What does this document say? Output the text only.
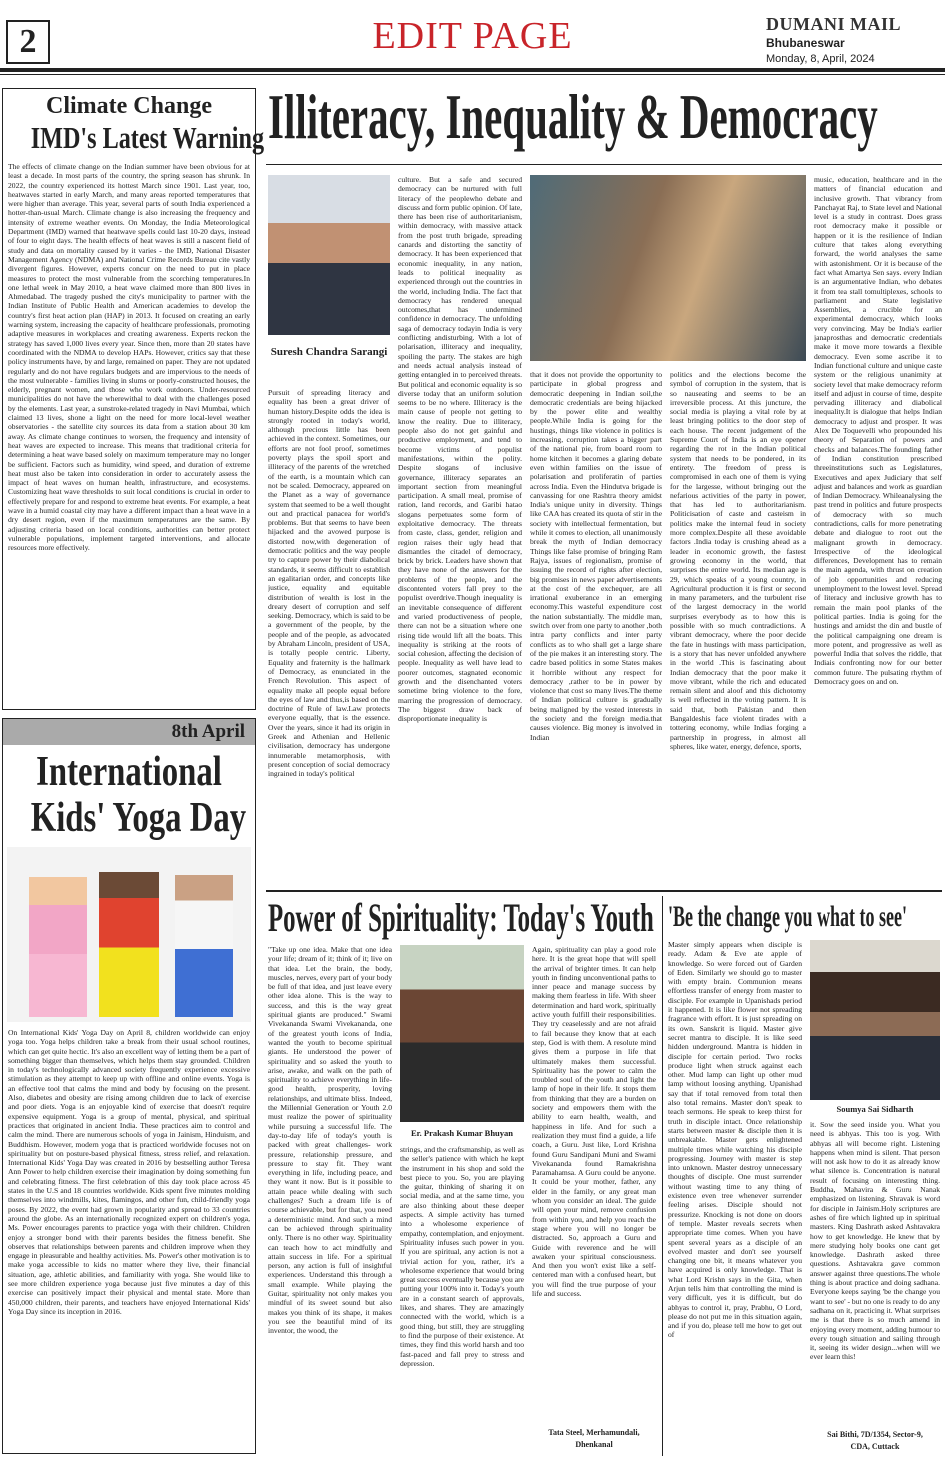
2	EDIT PAGE	DUMANI MAIL
Bhubaneswar
Monday, 8, April, 2024
Climate Change
IMD's Latest Warning
The effects of climate change on the Indian summer have been obvious for at least a decade. In most parts of the country, the spring season has shrunk. In 2022, the country experienced its hottest March since 1901. Last year, too, heatwaves started in early March, and many areas reported temperatures that were higher than average. This year, several parts of south India experienced a hotter-than-usual March. Climate change is also increasing the frequency and intensity of extreme weather events. On Monday, the India Meteorological Department (IMD) warned that heatwave spells could last 10-20 days, instead of four to eight days. The health effects of heat waves is still a nascent field of study and data on mortality caused by it varies - the IMD, National Disaster Management Agency (NDMA) and National Crime Records Bureau cite vastly divergent figures. However, experts concur on the need to put in place measures to protect the most vulnerable from the scorching temperatures.In one lethal week in May 2010, a heat wave claimed more than 800 lives in Ahmedabad. The tragedy pushed the city's municipality to partner with the Indian Institute of Public Health and American academies to develop the country's first heat action plan (HAP) in 2013. It focused on creating an early warning system, increasing the capacity of healthcare professionals, promoting adaptive measures in workplaces and creating awareness. Experts reckon the strategy has saved 1,000 lives every year. Since then, more than 20 states have coordinated with the NDMA to develop HAPs. However, critics say that these policy instruments have, by and large, remained on paper. They are not updated regularly and do not have regulars budgets and are impervious to the needs of the most vulnerable - families living in slums or poorly-constructed houses, the elderly, pregnant women, and those who work outdoors. Under-resourced municipalities do not have the wherewithal to deal with the challenges posed by the elements. Last year, a sunstroke-related tragedy in Navi Mumbai, which claimed 13 lives, shone a light on the need for more local-level weather observatories - the satellite city sources its data from a station about 30 km away. As climate change continues to worsen, the frequency and intensity of heat waves are expected to increase. This means that traditional criteria for determining a heat wave based solely on maximum temperature may no longer be sufficient. Factors such as humidity, wind speed, and duration of extreme heat must also be taken into consideration in order to accurately assess the impact of heat waves on human health, infrastructure, and ecosystems. Customizing heat wave thresholds to suit local conditions is crucial in order to effectively prepare for and respond to extreme heat events. For example, a heat wave in a humid coastal city may have a different impact than a heat wave in a dry desert region, even if the maximum temperatures are the same. By adjusting criteria based on local conditions, authorities can better protect vulnerable populations, implement targeted interventions, and allocate resources more effectively.
8th April
International
Kids' Yoga Day
On International Kids' Yoga Day on April 8, children worldwide can enjoy yoga too. Yoga helps children take a break from their usual school routines, which can get quite hectic. It's also an excellent way of letting them be a part of something bigger than themselves, which helps them stay grounded. Children in today's technologically advanced society frequently experience excessive stimulation as they attempt to keep up with offline and online events. Yoga is an effective tool that calms the mind and body by focusing on the present. Also, diabetes and obesity are rising among children due to lack of exercise and poor diets. Yoga is an enjoyable kind of exercise that doesn't require expensive equipment. Yoga is a group of mental, physical, and spiritual practices that originated in ancient India. These practices aim to control and calm the mind. There are numerous schools of yoga in Jainism, Hinduism, and Buddhism. However, modern yoga that is practiced worldwide focuses not on spirituality but on posture-based physical fitness, stress relief, and relaxation. International Kids' Yoga Day was created in 2016 by bestselling author Teresa Ann Power to help children exercise their imagination by doing something fun and celebrating fitness. The first celebration of this day took place across 45 states in the U.S and 18 countries worldwide. Kids spent five minutes molding themselves into windmills, kites, flamingos, and other fun, child-friendly yoga poses. By 2022, the event had grown in popularity and spread to 33 countries around the globe. As an internationally recognized expert on children's yoga, Ms. Power encourages parents to practice yoga with their children. Children enjoy a stronger bond with their parents besides the fitness benefit. She observes that relationships between parents and children improve when they engage in pleasurable and healthy activities. Ms. Power's other motivation is to make yoga accessible to kids no matter where they live, their financial situation, age, athletic abilities, and familiarity with yoga. She would like to see more children experience yoga because just five minutes a day of this exercise can positively impact their physical and mental state. More than 450,000 children, their parents, and teachers have enjoyed International Kids' Yoga Day since its inception in 2016.
Illiteracy, Inequality & Democracy
Suresh Chandra Sarangi
Pursuit of spreading literacy and equality has been a great driver of human history.Despite odds the idea is strongly rooted in today's world, although precious little has been achieved in the context. Sometimes, our efforts are not fool proof, sometimes poverty plays the spoil sport and illiteracy of the parents of the wretched of the earth, is a mountain which can not be scaled. Democracy, appeared on the Planet as a way of governance system that seemed to be a well thought out and practical panacea for world's problems. But that seems to have been hijacked and the avowed purpose is distorted now,with degeneration of democratic politics and the way people try to capture power by their diabolical standards, it seems difficult to establish an egalitarian order, and concepts like justice, equality and equitable distribution of wealth is lost in the dreary desert of corruption and self seeking. Democracy, which is said to be a government of the people, by the people and of the people, as advocated by Abraham Lincoln, president of USA, is totally people centric. Liberty, Equality and fraternity is the hallmark of Democracy, as enunciated in the French Revolution. This aspect of equality make all people equal before the eyes of law and thus,is based on the doctrine of Rule of law.Law protects everyone equally, that is the essence. Over the years, since it had its origin in Greek and Athenian and Hellenic civilisation, democracy has undergone innumerable metamorphosis, with present conception of social democracy ingrained in today's political
culture. But a safe and secured democracy can be nurtured with full literacy of the peoplewho debate and discuss and form public opinion. Of late, there has been rise of authoritarianism, within democracy, with massive attack from the post truth brigade, spreading canards and distorting the sanctity of democracy. It has been experienced that economic inequality, in any nation, leads to political inequality as experienced through out the countries in the world, including India. The fact that democracy has rendered unequal outcomes,that has undermined confidence in democracy. The unfolding saga of democracy todayin India is very conflicting andisturbing. With a lot of polarisation, illiteracy and inequality, spoiling the party. The stakes are high and needs actual analysis instead of getting entangled in to perceived threats. But political and economic equality is so diverse today that an uniform solution seems to be no where. Illiteracy is the main cause of people not getting to know the reality. Due to illiteracy, people also do not get gainful and productive employment, and tend to become victims of populist manifestations, within the polity. Despite slogans of inclusive governance, illiteracy separates an important section from meaningful participation. A small meal, promise of ration, land records, and Garibi hatao slogans perpetuates some form of exploitative democracy. The threats from caste, class, gender, religion and region raises their ugly head that dismantles the citadel of democracy, brick by brick. Leaders have shown that they have none of the answers for the problems of the people, and the discontented voters fall prey to the populist overdrive.Though inequality is an inevitable consequence of different and varied productiveness of people, there can not be a situation where one rising tide would lift all the boats. This inequality is striking at the roots of social cohesion, affecting the decision of people. Inequality as well have lead to poorer outcomes, stagnated economic growth and the disenchanted voters sometime bring violence to the fore, marring the progression of democracy. The biggest draw back of disproportionate inequality is
that it does not provide the opportunity to participate in global progress and democratic deepening in Indian soil,the democratic credentials are being hijacked by the power elite and wealthy people.While India is going for the hustings, things like violence in politics is increasing, corruption takes a bigger part of the national pie, from board room to home kitchen it becomes a glaring debate even within families on the issue of polarisation and proliferatin of parties across India. Even the Hindutva brigade is canvassing for one Rashtra theory amidst India's unique unity in diversity. Things like CAA has created its quota of stir in the society with intellectual fermentation, but while it comes to election, all unanimously break the myth of Indian democracy Things like false promise of bringing Ram Rajya, issues of regionalism, promise of issuing the record of rights after election, big promises in news paper advertisements at the cost of the exchequer, are all irrational exuberance in an emerging economy.This wasteful expenditure cost the nation substantially. The middle man, switch over from one party to another ,both intra party conflicts and inter party conflicts as to who shall get a large share of the pie makes it an interesting story. The cadre based politics in some States makes it horrible without any respect for democracy ,rather to be in power by violence that cost so many lives.The theme of Indian political culture is gradually being maligned by the vested interests in the society and the foreign media.that causes violence. Big money is involved in Indian
politics and the elections become the symbol of corruption in the system, that is so nauseating and seems to be an irreversible process. At this juncture, the social media is playing a vital role by at least bringing politics to the door step of each house. The recent judgement of the Supreme Court of India is an eye opener regarding the rot in the Indian political system that needs to be pondered, in its entirety. The freedom of press is compromised in each one of them is vying for the largesse, without bringing out the nefarious activities of the party in power, that has led to authoritarianism. Politicisation of caste and casteism in politics make the internal feud in society more complex.Despite all these avoidable factors .India today is crushing ahead as a leader in economic growth, the fastest growing economy in the world, that surprises the entire world. Its median age is 29, which speaks of a young country, in Agricultural production it is first or second in many parameters, and the turbulent rise of the largest democracy in the world surprises everybody as to how this is possible with so much contradictions. A vibrant democracy, where the poor decide the fate in hustings with mass participation, is a story that has never unfolded anywhere in the world .This is fascinating about Indian democracy that the poor make it move vibrant, while the rich and educated remain silent and aloof and this dichotomy is well reflected in the voting pattern. It is said that, both Pakistan and then Bangaldeshis face violent tirades with a tottering economy, while Indias forging a partnership in progress, in almost all spheres, like water, energy, defence, sports,
music, education, healthcare and in the matters of financial education and inclusive growth. That vibrancy from Panchayat Raj, to State level and National level is a study in contrast. Does grass root democracy make it possible or happen or it is the resilience of Indian culture that takes along everything forward, the world analyses the same with astonishment. Or it is because of the fact what Amartya Sen says. every Indian is an argumentative Indian, who debates it from tea stall tomultiplexes, schools to parliament and State legislative Assemblies, a crucible for an experimental democracy, which looks very convincing. May be India's earlier janaprosthas and democratic credentials make it move more towards a flexible democracy. Even some ascribe it to Indian functional culture and unique caste system or the religious unanimity at society level that make democracy reform itself and adjust in course of time, despite pervading illiteracy and diabolical inequality.It is dialogue that helps Indian democracy to adjust and prosper. It was Alex De Toquevelli who propounded his theory of Separation of powers and checks and balances.The founding father of Indian constitution prescribed threeinstitutions such as Legislatures, Executives and apex Judiciary that self adjust and balances and work as guardian of Indian Democracy. Whileanalysing the past trend in politics and future prospects of democracy with so much contradictions, calls for more penetrating debate and dialogue to root out the malignant growth in democracy. Irrespective of the ideological differences, Development has to remain the main agenda, with thrust on creation of job opportunities and reducing unemployment to the lowest level. Spread of literacy and inclusive growth has to remain the main pool planks of the political parties. India is going for the hustings and amidst the din and bustle of the political campaigning one dream is more potent, and progressive as well as powerful India that solves the riddle, that Indiais confronting now for our better common future. The pulsating rhythm of Democracy goes on and on.
Power of Spirituality: Today's Youth
"Take up one idea. Make that one idea your life; dream of it; think of it; live on that idea. Let the brain, the body, muscles, nerves, every part of your body be full of that idea, and just leave every other idea alone. This is the way to success, and this is the way great spiritual giants are produced." Swami Vivekananda Swami Vivekananda, one of the greatest youth icons of India, wanted the youth to become spiritual giants. He understood the power of spirituality and so asked the youth to arise, awake, and walk on the path of spirituality to achieve everything in life- good health, prosperity, loving relationships, and ultimate bliss. Indeed, the Millennial Generation or Youth 2.0 must realize the power of spirituality while pursuing a successful life. The day-to-day life of today's youth is packed with great challenges- work pressure, relationship pressure, and pressure to stay fit. They want everything in life, including peace, and they want it now. But is it possible to attain peace while dealing with such challenges? Such a dream life is of course achievable, but for that, you need a deterministic mind. And such a mind can be achieved through spirituality only. There is no other way. Spirituality can teach how to act mindfully and attain success in life. For a spiritual person, any action is full of insightful experiences. Understand this through a small example. While playing the Guitar, spirituality not only makes you mindful of its sweet sound but also makes you think of its shape, it makes you see the beautiful mind of its inventor, the wood, the
Er. Prakash Kumar Bhuyan
strings, and the craftsmanship, as well as the seller's patience with which he kept the instrument in his shop and sold the best piece to you. So, you are playing the guitar, thinking of sharing it on social media, and at the same time, you are also thinking about these deeper aspects. A simple activity has turned into a wholesome experience of empathy, contemplation, and enjoyment. Spirituality infuses such power in you. If you are spiritual, any action is not a trivial action for you, rather, it's a wholesome experience that would bring great success eventually because you are putting your 100% into it. Today's youth are in a constant search of approvals, likes, and shares. They are amazingly connected with the world, which is a good thing, but still, they are struggling to find the purpose of their existence. At times, they find this world harsh and too fast-paced and fall prey to stress and depression.
Again, spirituality can play a good role here. It is the great hope that will spell the arrival of brighter times. It can help youth in finding unconventional paths to inner peace and manage success by making them fearless in life. With sheer determination and hard work, spiritually active youth fulfill their responsibilities. They try ceaselessly and are not afraid to fail because they know that at each step, God is with them. A resolute mind gives them a purpose in life that ultimately makes them successful. Spirituality has the power to calm the troubled soul of the youth and light the lamp of hope in their life. It stops them from thinking that they are a burden on society and empowers them with the ability to earn health, wealth, and happiness in life. And for such a realization they must find a guide, a life coach, a Guru. Just like, Lord Krishna found Guru Sandipani Muni and Swami Vivekananda found Ramakrishna Paramahamsa. A Guru could be anyone. It could be your mother, father, any elder in the family, or any great man whom you consider an ideal. The guide will open your mind, remove confusion from within you, and help you reach the stage where you will no longer be distracted. So, approach a Guru and Guide with reverence and he will awaken your spiritual consciousness. And then you won't exist like a self-centered man with a confused heart, but you will find the true purpose of your life and success.
Tata Steel, Merhamundali,
Dhenkanal
'Be the change you what to see'
Master simply appears when disciple is ready. Adam & Eve ate apple of knowledge. So were forced out of Garden of Eden. Similarly we should go to master with empty brain. Communion means effortless transfer of energy from master to disciple. For example in Upanishads period it happened. It is like flower not spreading fragrance with effort. It is just spreading on its own. Sanskrit is liquid. Master give secret mantra to disciple. It is like seed hidden underground. Mantra is hidden in disciple for certain period. Two rocks produce light when struck against each other. Mud lamp can light up other mud lamp without loosing anything. Upanishad say that if total removed from total then also total remains. Master don't speak to teach sermons. He speak to keep thirst for truth in disciple intact. Once relationship starts between master & disciple then it is unbreakable. Master gets enlightened multiple times while watching his disciple progressing. Journey with master is step into unknown. Master destroy unnecessary thoughts of disciple. One must surrender without wasting time to any thing of existence even tree whenever surrender feeling arises. Disciple should not pressurize. Knocking is not done on doors of temple. Master reveals secrets when appropriate time comes. When you have spent several years as a disciple of an evolved master and don't see yourself changing one bit, it means whatever you have acquired is only knowledge. That is what Lord Krishn says in the Gita, when Arjun tells him that controlling the mind is very difficult, yes it is difficult, but do abhyas to control it, pray, Prabhu, O Lord, please do not put me in this situation again, and if you do, please tell me how to get out of
Soumya Sai Sidharth
it. Sow the seed inside you. What you need is abhyas. This too is yog. With abhyas all will become right. Listening happens when mind is silent. That person will not ask how to do it as already know what silence is. Concentration is natural result of focusing on interesting thing. Buddha, Mahavira & Guru Nanak emphasized on listening. Shravak is word for disciple in Jainism.Holy scriptures are ashes of fire which lighted up in spiritual masters. King Dashrath asked Ashtavakra how to get knowledge. He knew that by mere studying holy books one cant get knowledge. Dashrath asked three questions. Ashtavakra gave common answer against three questions.The whole thing is about practice and doing sadhana. Everyone keeps saying 'be the change you want to see' - but no one is ready to do any sadhana on it, practicing it. What surprises me is that there is so much amend in enjoying every moment, adding humour to every tough situation and sailing through it, seeing its wider design...when will we ever learn this!
Sai Bithi, 7D/1354, Sector-9,
CDA, Cuttack
